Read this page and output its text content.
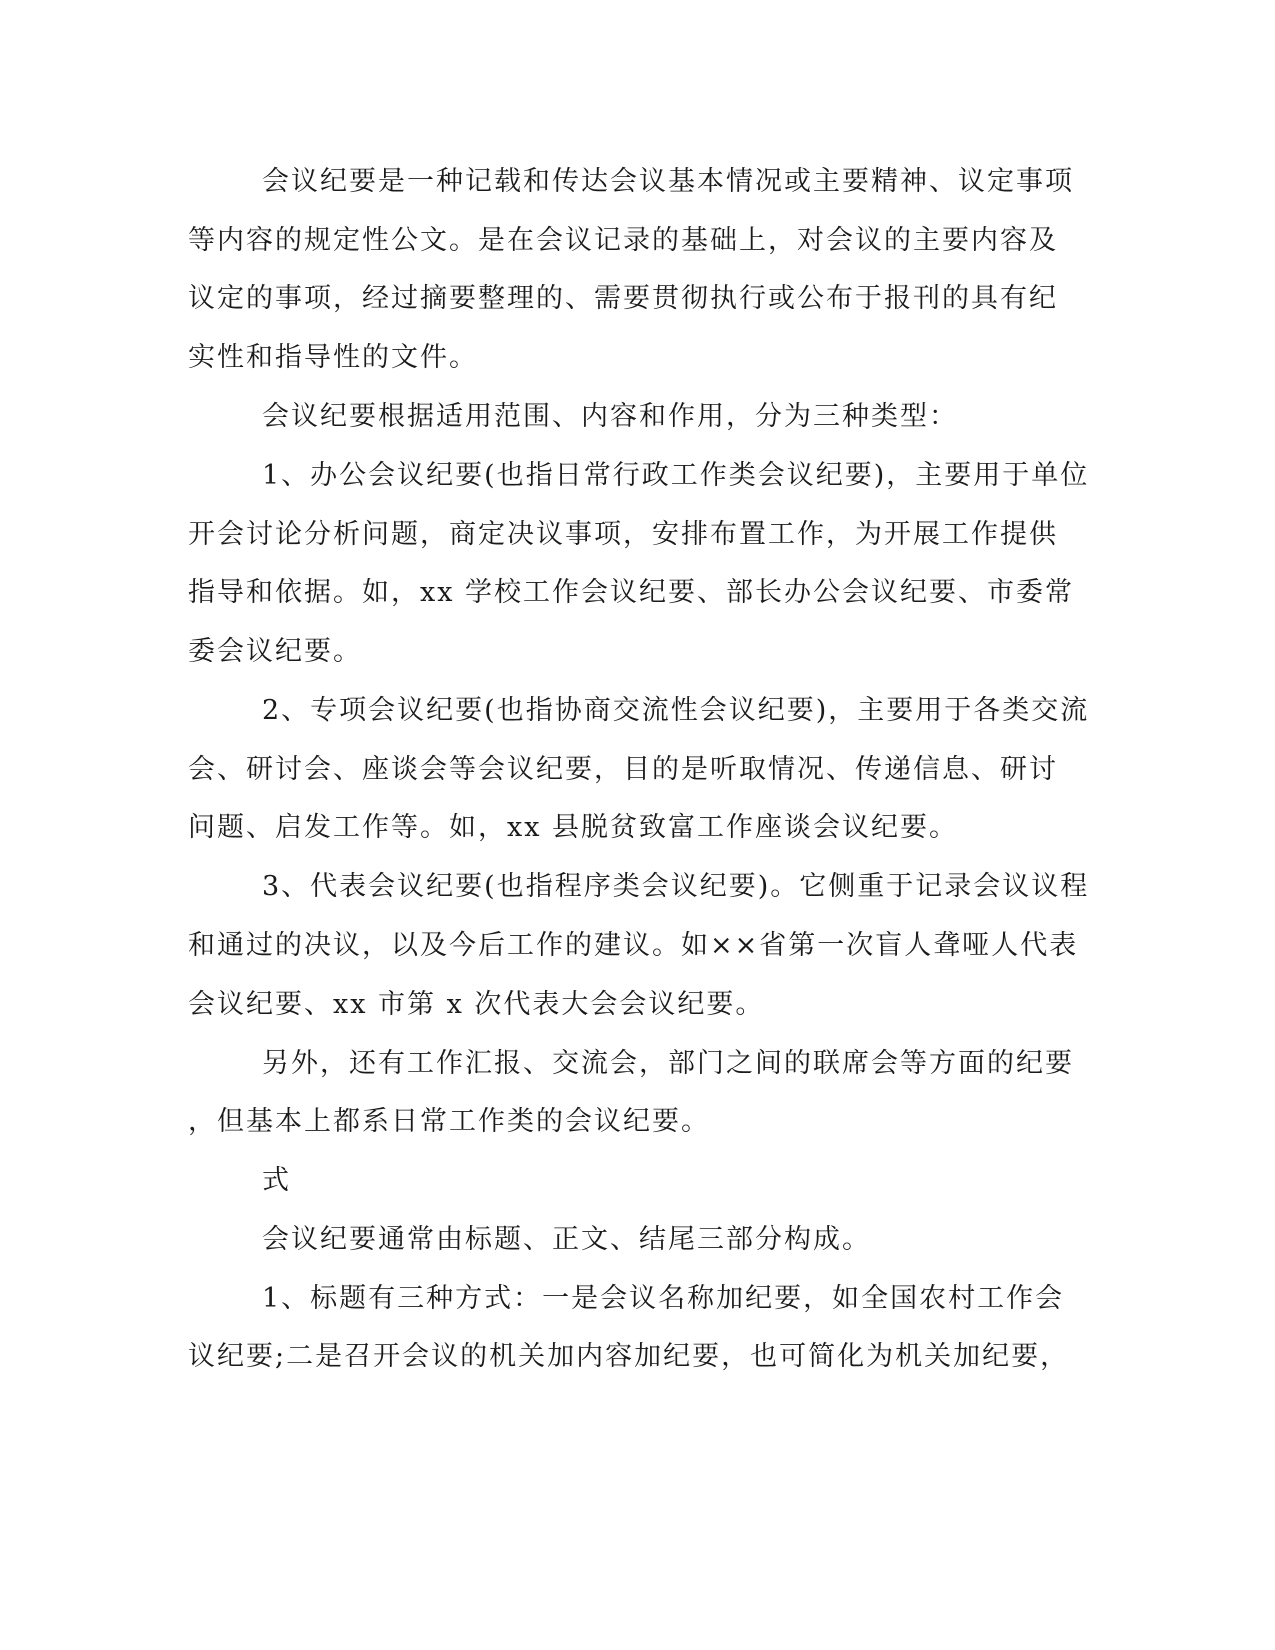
会议纪要是一种记载和传达会议基本情况或主要精神、议定事项
等内容的规定性公文。是在会议记录的基础上，对会议的主要内容及
议定的事项，经过摘要整理的、需要贯彻执行或公布于报刊的具有纪
实性和指导性的文件。
会议纪要根据适用范围、内容和作用，分为三种类型：
1、办公会议纪要(也指日常行政工作类会议纪要)，主要用于单位
开会讨论分析问题，商定决议事项，安排布置工作，为开展工作提供
指导和依据。如，xx 学校工作会议纪要、部长办公会议纪要、市委常
委会议纪要。
2、专项会议纪要(也指协商交流性会议纪要)，主要用于各类交流
会、研讨会、座谈会等会议纪要，目的是听取情况、传递信息、研讨
问题、启发工作等。如，xx 县脱贫致富工作座谈会议纪要。
3、代表会议纪要(也指程序类会议纪要)。它侧重于记录会议议程
和通过的决议，以及今后工作的建议。如××省第一次盲人聋哑人代表
会议纪要、xx 市第 x 次代表大会会议纪要。
另外，还有工作汇报、交流会，部门之间的联席会等方面的纪要
，但基本上都系日常工作类的会议纪要。
式
会议纪要通常由标题、正文、结尾三部分构成。
1、标题有三种方式：一是会议名称加纪要，如全国农村工作会
议纪要;二是召开会议的机关加内容加纪要，也可简化为机关加纪要，
